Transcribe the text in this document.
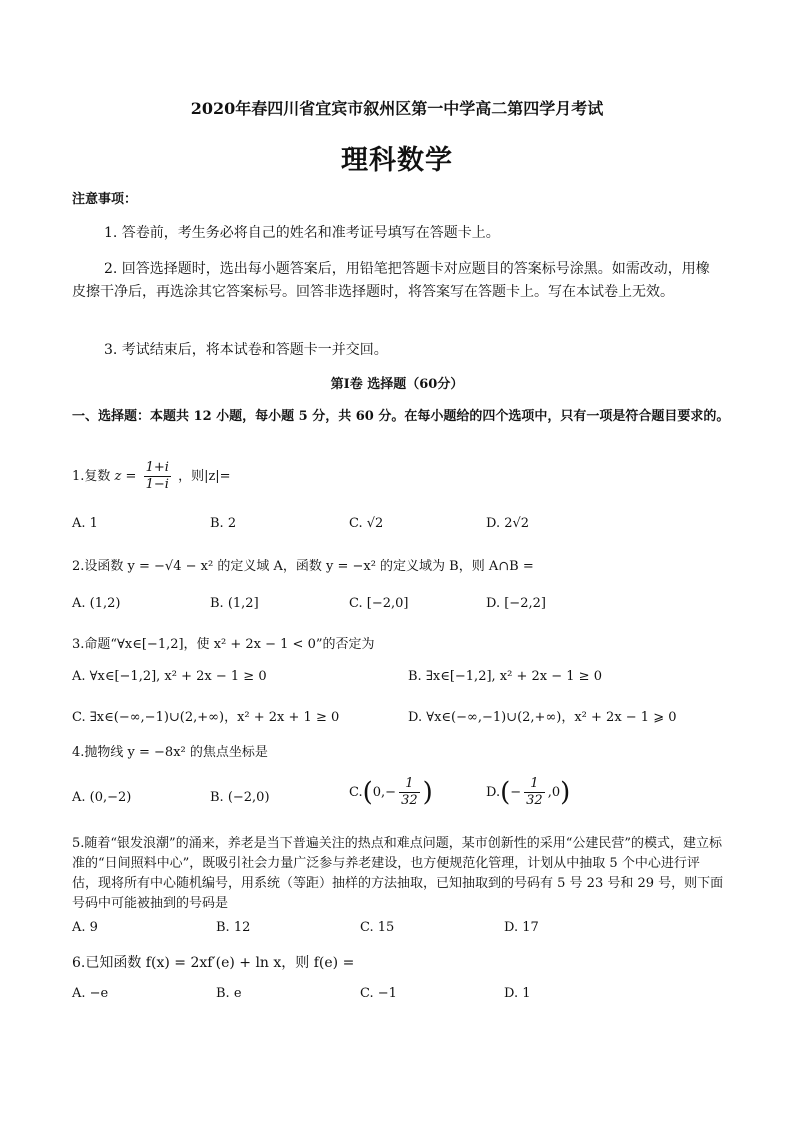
2020年春四川省宜宾市叙州区第一中学高二第四学月考试
理科数学
注意事项：
1. 答卷前，考生务必将自己的姓名和准考证号填写在答题卡上。
2. 回答选择题时，选出每小题答案后，用铅笔把答题卡对应题目的答案标号涂黑。如需改动，用橡皮擦干净后，再选涂其它答案标号。回答非选择题时，将答案写在答题卡上。写在本试卷上无效。
3. 考试结束后，将本试卷和答题卡一并交回。
第Ⅰ卷 选择题（60分）
一、选择题：本题共 12 小题，每小题 5 分，共 60 分。在每小题给的四个选项中，只有一项是符合题目要求的。
1.复数 $z = \frac{1+i}{1-i}$ ，则|z|=
A. 1	B. 2	C. √2	D. 2√2
2.设函数 y = −√4 − x² 的定义域 A，函数 y = −x² 的定义域为 B，则 A∩B =
A. (1,2)	B. (1,2]	C. [−2,0]	D. [−2,2]
3.命题“∀x∈[−1,2]，使 x² + 2x − 1 < 0”的否定为
A. ∀x∈[−1,2], x² + 2x − 1 ≥ 0	B. ∃x∈[−1,2], x² + 2x − 1 ≥ 0
C. ∃x∈(−∞,−1)∪(2,+∞)，x² + 2x + 1 ≥ 0	D. ∀x∈(−∞,−1)∪(2,+∞)，x² + 2x − 1 ⩾ 0
4.抛物线 y = −8x² 的焦点坐标是
A. (0,−2)	B. (−2,0)	$C.(0,- \frac{1}{32}$ )	$D.(- \frac{1}{32} ,0)$
5.随着“银发浪潮”的涌来，养老是当下普遍关注的热点和难点问题，某市创新性的采用“公建民营”的模式，建立标准的“日间照料中心”，既吸引社会力量广泛参与养老建设，也方便规范化管理，计划从中抽取 5 个中心进行评估，现将所有中心随机编号，用系统（等距）抽样的方法抽取，已知抽取到的号码有 5 号 23 号和 29 号，则下面号码中可能被抽到的号码是
A. 9	B. 12	C. 15	D. 17
6.已知函数 f(x) = 2xf′(e) + ln x，则 f(e) =
A. −e	B. e	C. −1	D. 1
